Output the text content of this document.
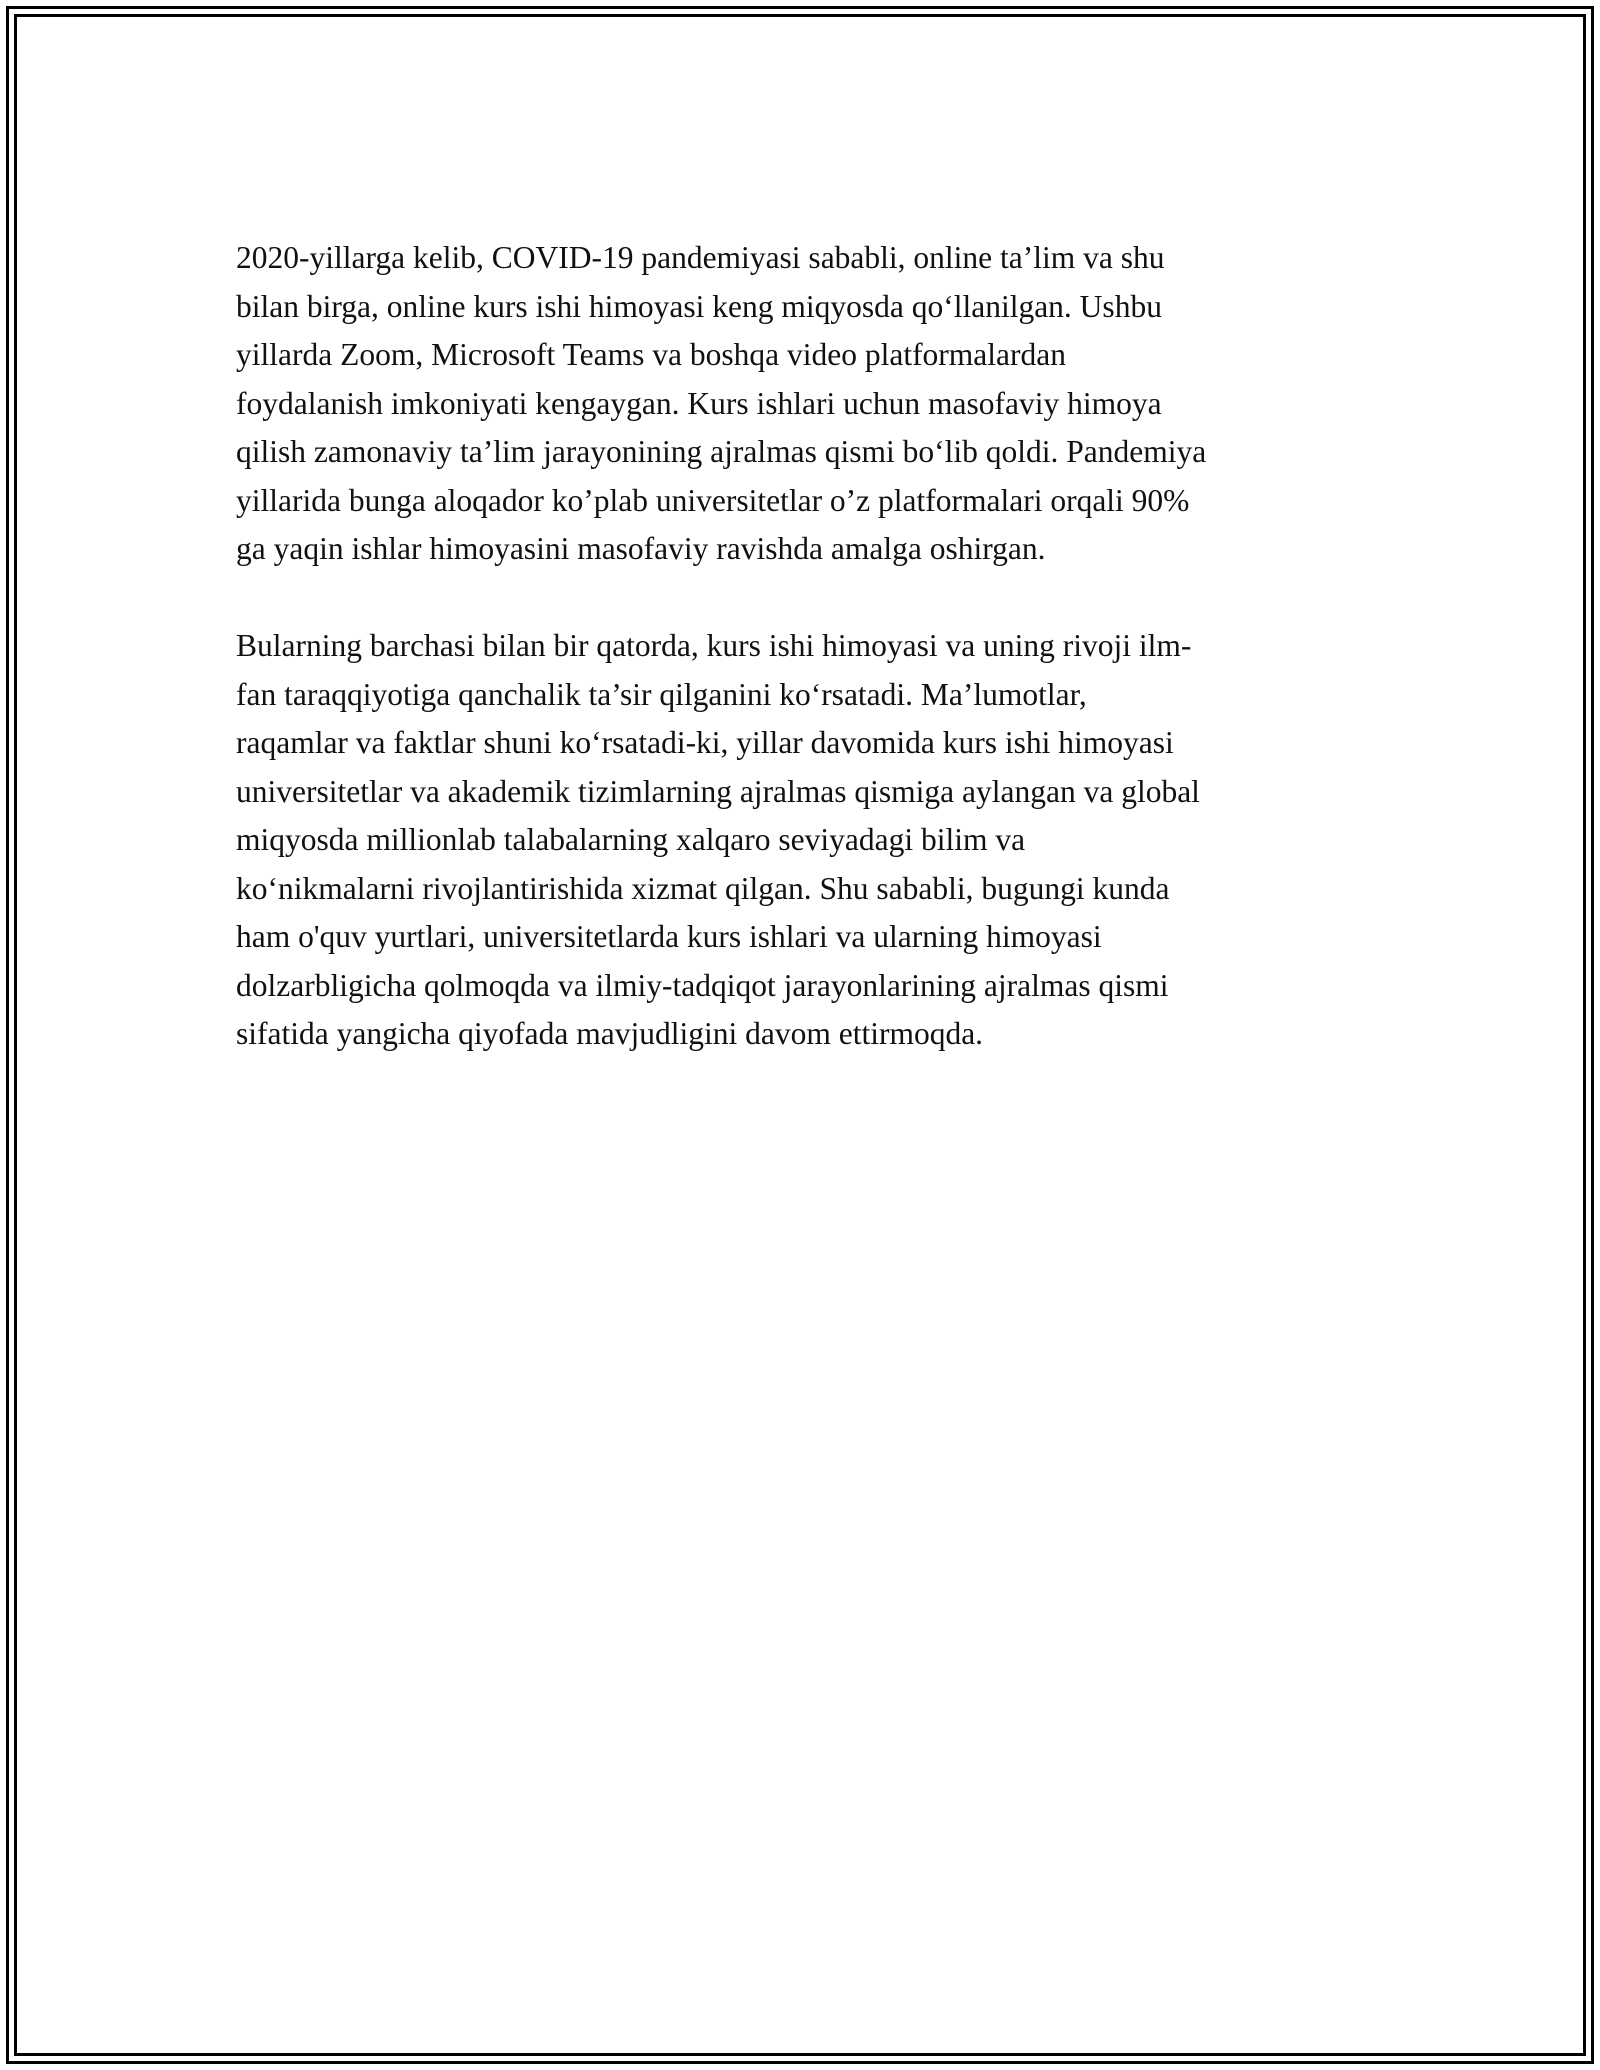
2020-yillarga kelib, COVID-19 pandemiyasi sababli, online ta’lim va shu
bilan birga, online kurs ishi himoyasi keng miqyosda qo‘llanilgan. Ushbu
yillarda Zoom, Microsoft Teams va boshqa video platformalardan
foydalanish imkoniyati kengaygan. Kurs ishlari uchun masofaviy himoya
qilish zamonaviy ta’lim jarayonining ajralmas qismi bo‘lib qoldi. Pandemiya
yillarida bunga aloqador ko’plab universitetlar o’z platformalari orqali 90%
ga yaqin ishlar himoyasini masofaviy ravishda amalga oshirgan.

Bularning barchasi bilan bir qatorda, kurs ishi himoyasi va uning rivoji ilm-
fan taraqqiyotiga qanchalik ta’sir qilganini ko‘rsatadi. Ma’lumotlar,
raqamlar va faktlar shuni ko‘rsatadi-ki, yillar davomida kurs ishi himoyasi
universitetlar va akademik tizimlarning ajralmas qismiga aylangan va global
miqyosda millionlab talabalarning xalqaro seviyadagi bilim va
ko‘nikmalarni rivojlantirishida xizmat qilgan. Shu sababli, bugungi kunda
ham o'quv yurtlari, universitetlarda kurs ishlari va ularning himoyasi
dolzarbligicha qolmoqda va ilmiy-tadqiqot jarayonlarining ajralmas qismi
sifatida yangicha qiyofada mavjudligini davom ettirmoqda.
